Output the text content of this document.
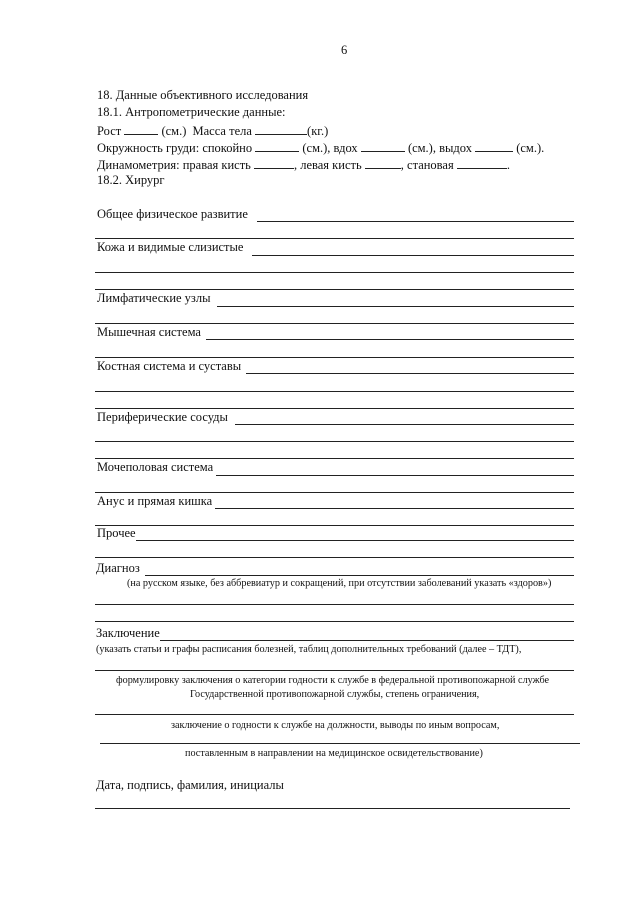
6
18. Данные объективного исследования
18.1. Антропометрические данные:
Рост	(см.) Масса тела	(кг.)
Окружность груди: спокойно	(см.), вдох	(см.), выдох	(см.).
Динамометрия: правая кисть	, левая кисть	, становая	.
18.2. Хирург
Общее физическое развитие
Кожа и видимые слизистые
Лимфатические узлы
Мышечная система
Костная система и суставы
Периферические сосуды
Мочеполовая система
Анус и прямая кишка
Прочее
Диагноз
(на русском языке, без аббревиатур и сокращений, при отсутствии заболеваний указать «здоров»)
Заключение
(указать статьи и графы расписания болезней, таблиц дополнительных требований (далее – ТДТ),
формулировку заключения о категории годности к службе в федеральной противопожарной службе
Государственной противопожарной службы, степень ограничения,
заключение о годности к службе на должности, выводы по иным вопросам,
поставленным в направлении на медицинское освидетельствование)
Дата, подпись, фамилия, инициалы
